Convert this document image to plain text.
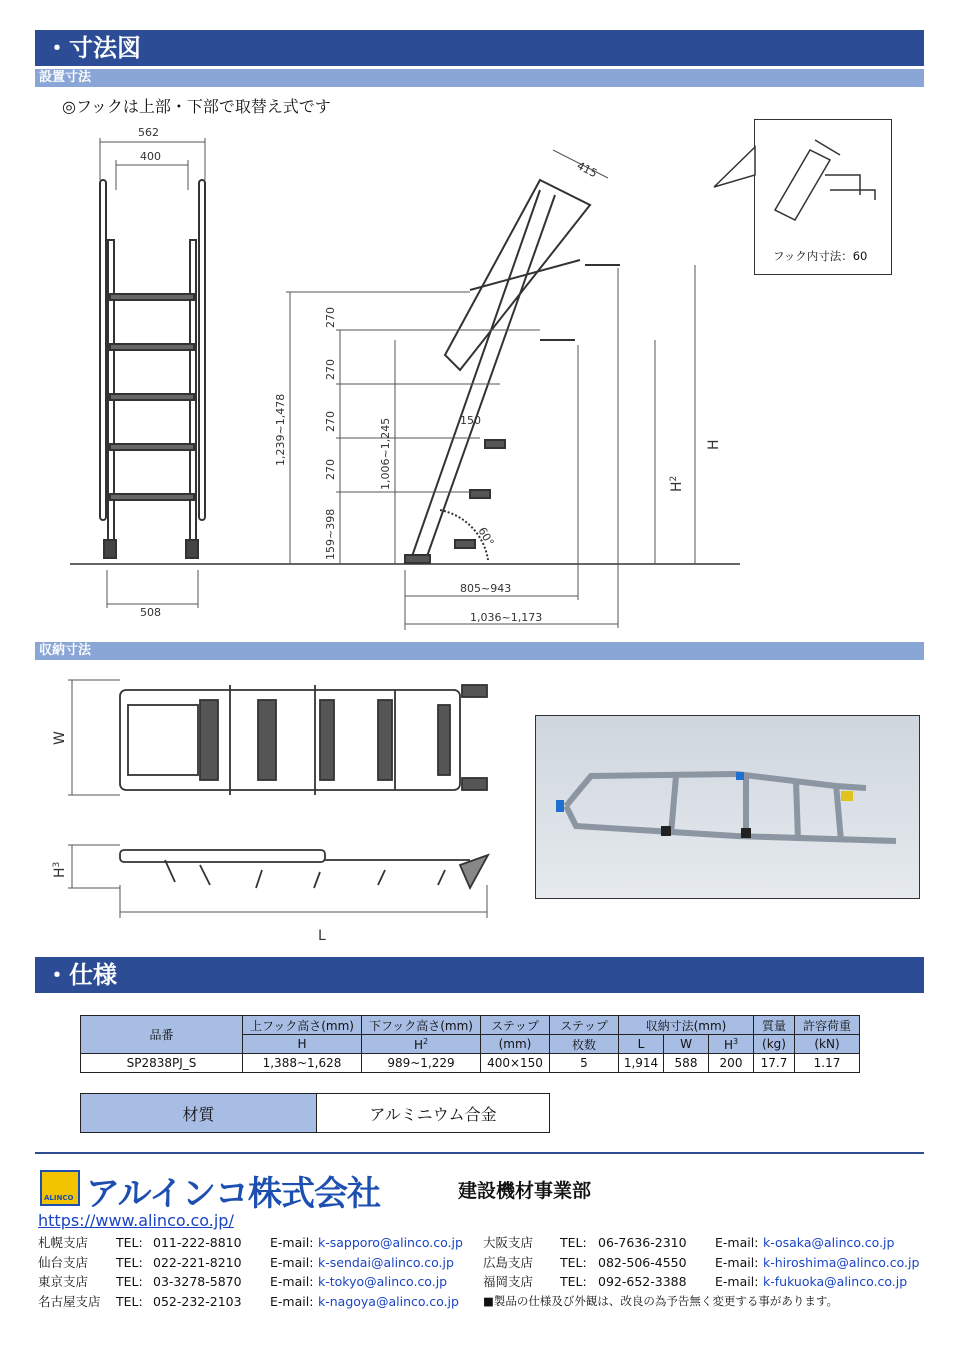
・寸法図
設置寸法
◎フックは上部・下部で取替え式です
562
400
508
415
270
270
270
270
159~398
1,239~1,478	1,006~1,245	150
60°
805~943
1,036~1,173
H
$H^2$
フック内寸法：60
収納寸法
W
$H^3$
L
・仕様
品番	上フック高さ(mm)	下フック高さ(mm)	ステップ	ステップ	収納寸法(mm)			質量	許容荷重
	H	$H^2$	(mm)	枚数	L	W	$H^3$	(kg)	(kN)
SP2838PJ_S	1,388~1,628	989~1,229	400×150	5	1,914	588	200	17.7	1.17
材質	アルミニウム合金
ALINCO アルインコ株式会社	建設機材事業部
https://www.alinco.co.jp/
札幌支店 TEL: 011-222-8810 E-mail: k-sapporo@alinco.co.jp
仙台支店 TEL: 022-221-8210 E-mail: k-sendai@alinco.co.jp
東京支店 TEL: 03-3278-5870 E-mail: k-tokyo@alinco.co.jp
名古屋支店 TEL: 052-232-2103 E-mail: k-nagoya@alinco.co.jp
大阪支店 TEL: 06-7636-2310 E-mail: k-osaka@alinco.co.jp
広島支店 TEL: 082-506-4550 E-mail: k-hiroshima@alinco.co.jp
福岡支店 TEL: 092-652-3388 E-mail: k-fukuoka@alinco.co.jp
■製品の仕様及び外観は、改良の為予告無く変更する事があります。
